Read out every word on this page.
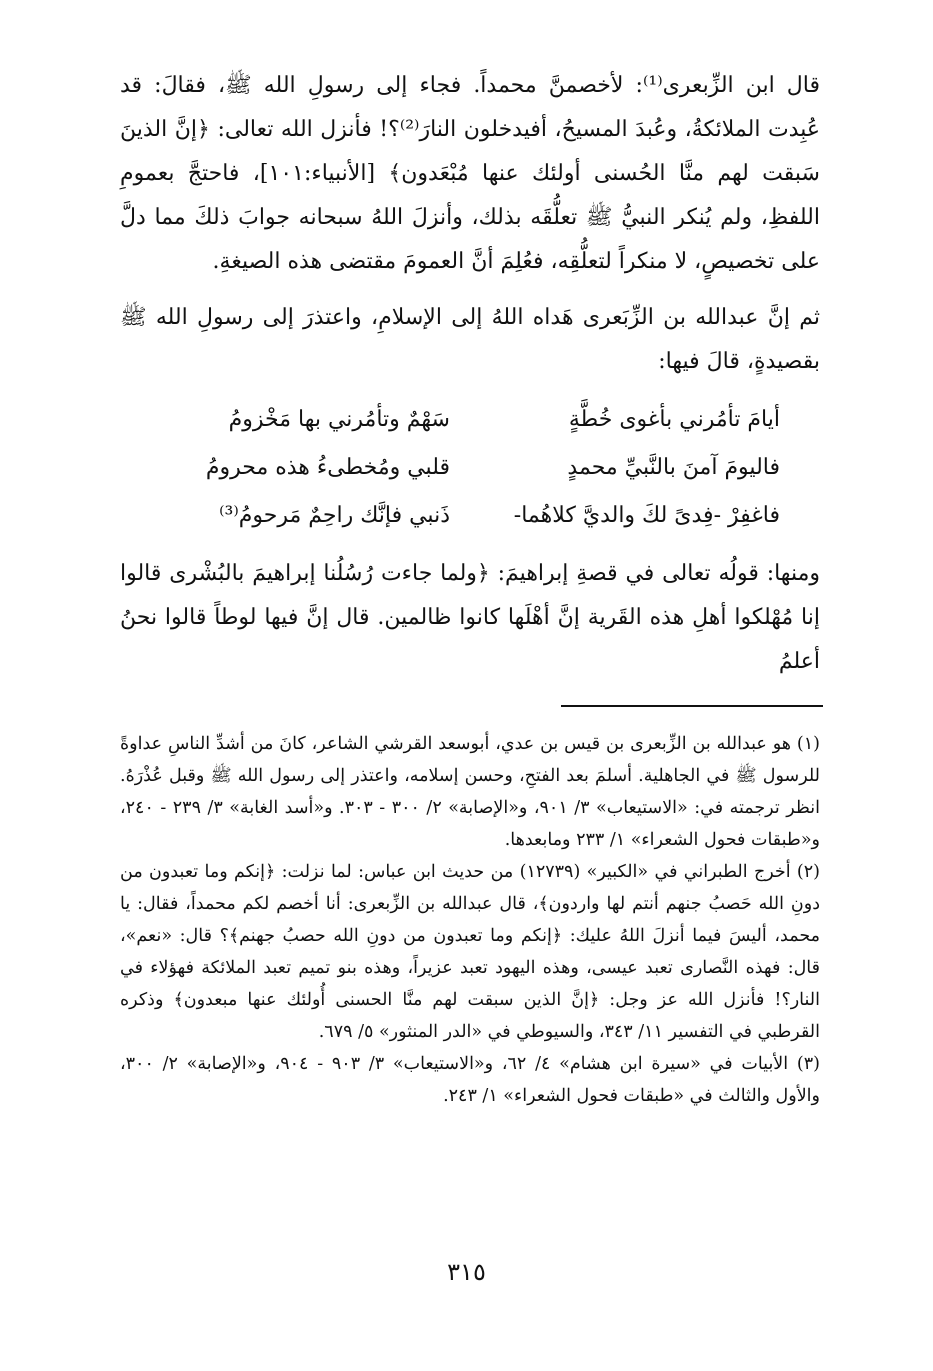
قال ابن الزِّبعرى⁽¹⁾: لأخصمنَّ محمداً. فجاء إلى رسولِ الله ﷺ، فقالَ: قد عُبِدت الملائكةُ، وعُبدَ المسيحُ، أفيدخلون النارَ⁽²⁾؟! فأنزل الله تعالى: ﴿إنَّ الذينَ سَبقت لهم منَّا الحُسنى أولئك عنها مُبْعَدون﴾ [الأنبياء:١٠١]، فاحتجَّ بعمومِ اللفظِ، ولم يُنكر النبيُّ ﷺ تعلُّقَه بذلك، وأنزلَ اللهُ سبحانه جوابَ ذلكَ مما دلَّ على تخصيصٍ، لا منكراً لتعلُّقِه، فعُلِمَ أنَّ العمومَ مقتضى هذه الصيغةِ.

ثم إنَّ عبدالله بن الزِّبَعرى هَداه اللهُ إلى الإسلامِ، واعتذرَ إلى رسولِ الله ﷺ بقصيدةٍ، قالَ فيها:

أيامَ تأمُرني بأغوى خُطَّةٍ
سَهْمٌ وتأمُرني بها مَخْزومُ
فاليومَ آمنَ بالنَّبيِّ محمدٍ
قلبي ومُخطىءُ هذه محرومُ
فاغفِرْ -فِدىً لكَ والديَّ كلاهُما-
ذَنبي فإنَّك راحِمٌ مَرحومُ⁽³⁾

ومنها: قولُه تعالى في قصةِ إبراهيمَ: ﴿ولما جاءت رُسُلُنا إبراهيمَ بالبُشْرى قالوا إنا مُهْلكوا أهلِ هذه القَرية إنَّ أهْلَها كانوا ظالمين. قال إنَّ فيها لوطاً قالوا نحنُ أعلمُ

(١) هو عبدالله بن الزِّبعرى بن قيس بن عدي، أبوسعد القرشي الشاعر، كانَ من أشدِّ الناسِ عداوةً للرسول ﷺ في الجاهلية. أسلمَ بعد الفتحِ، وحسن إسلامه، واعتذر إلى رسول الله ﷺ وقبل عُذْرَهُ. انظر ترجمته في: «الاستيعاب» ٣/ ٩٠١، و«الإصابة» ٢/ ٣٠٠ - ٣٠٣. و«أسد الغابة» ٣/ ٢٣٩ - ٢٤٠، و«طبقات فحول الشعراء» ١/ ٢٣٣ ومابعدها.

(٢) أخرج الطبراني في «الكبير» (١٢٧٣٩) من حديث ابن عباس: لما نزلت: ﴿إنكم وما تعبدون من دونِ الله حَصبُ جنهم أنتم لها واردون﴾، قال عبدالله بن الزِّبعرى: أنا أخصم لكم محمداً، فقال: يا محمد، أليسَ فيما أنزلَ اللهُ عليك: ﴿إنكم وما تعبدون من دونِ الله حصبُ جهنم﴾؟ قال: «نعم»، قال: فهذه النَّصارى تعبد عيسى، وهذه اليهود تعبد عزيراً، وهذه بنو تميم تعبد الملائكة فهؤلاء في النار؟! فأنزل الله عز وجل: ﴿إنَّ الذين سبقت لهم منَّا الحسنى أُولئك عنها مبعدون﴾ وذكره القرطبي في التفسير ١١/ ٣٤٣، والسيوطي في «الدر المنثور» ٥/ ٦٧٩.

(٣) الأبيات في «سيرة ابن هشام» ٤/ ٦٢، و«الاستيعاب» ٣/ ٩٠٣ - ٩٠٤، و«الإصابة» ٢/ ٣٠٠، والأول والثالث في «طبقات فحول الشعراء» ١/ ٢٤٣.

٣١٥
